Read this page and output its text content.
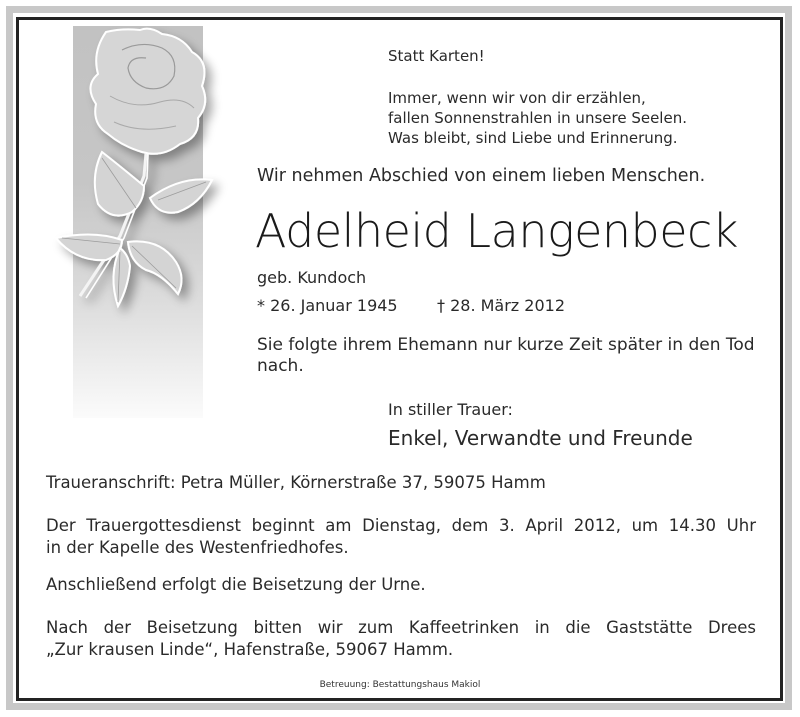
Statt Karten!
Immer, wenn wir von dir erzählen,
fallen Sonnenstrahlen in unsere Seelen.
Was bleibt, sind Liebe und Erinnerung.
Wir nehmen Abschied von einem lieben Menschen.
Adelheid Langenbeck
geb. Kundoch
* 26. Januar 1945 † 28. März 2012
Sie folgte ihrem Ehemann nur kurze Zeit später in den Tod nach.
In stiller Trauer:
Enkel, Verwandte und Freunde
Traueranschrift: Petra Müller, Körnerstraße 37, 59075 Hamm
Der Trauergottesdienst beginnt am Dienstag, dem 3. April 2012, um 14.30 Uhr
in der Kapelle des Westenfriedhofes.
Anschließend erfolgt die Beisetzung der Urne.
Nach der Beisetzung bitten wir zum Kaffeetrinken in die Gaststätte Drees
„Zur krausen Linde“, Hafenstraße, 59067 Hamm.
Betreuung: Bestattungshaus Makiol
